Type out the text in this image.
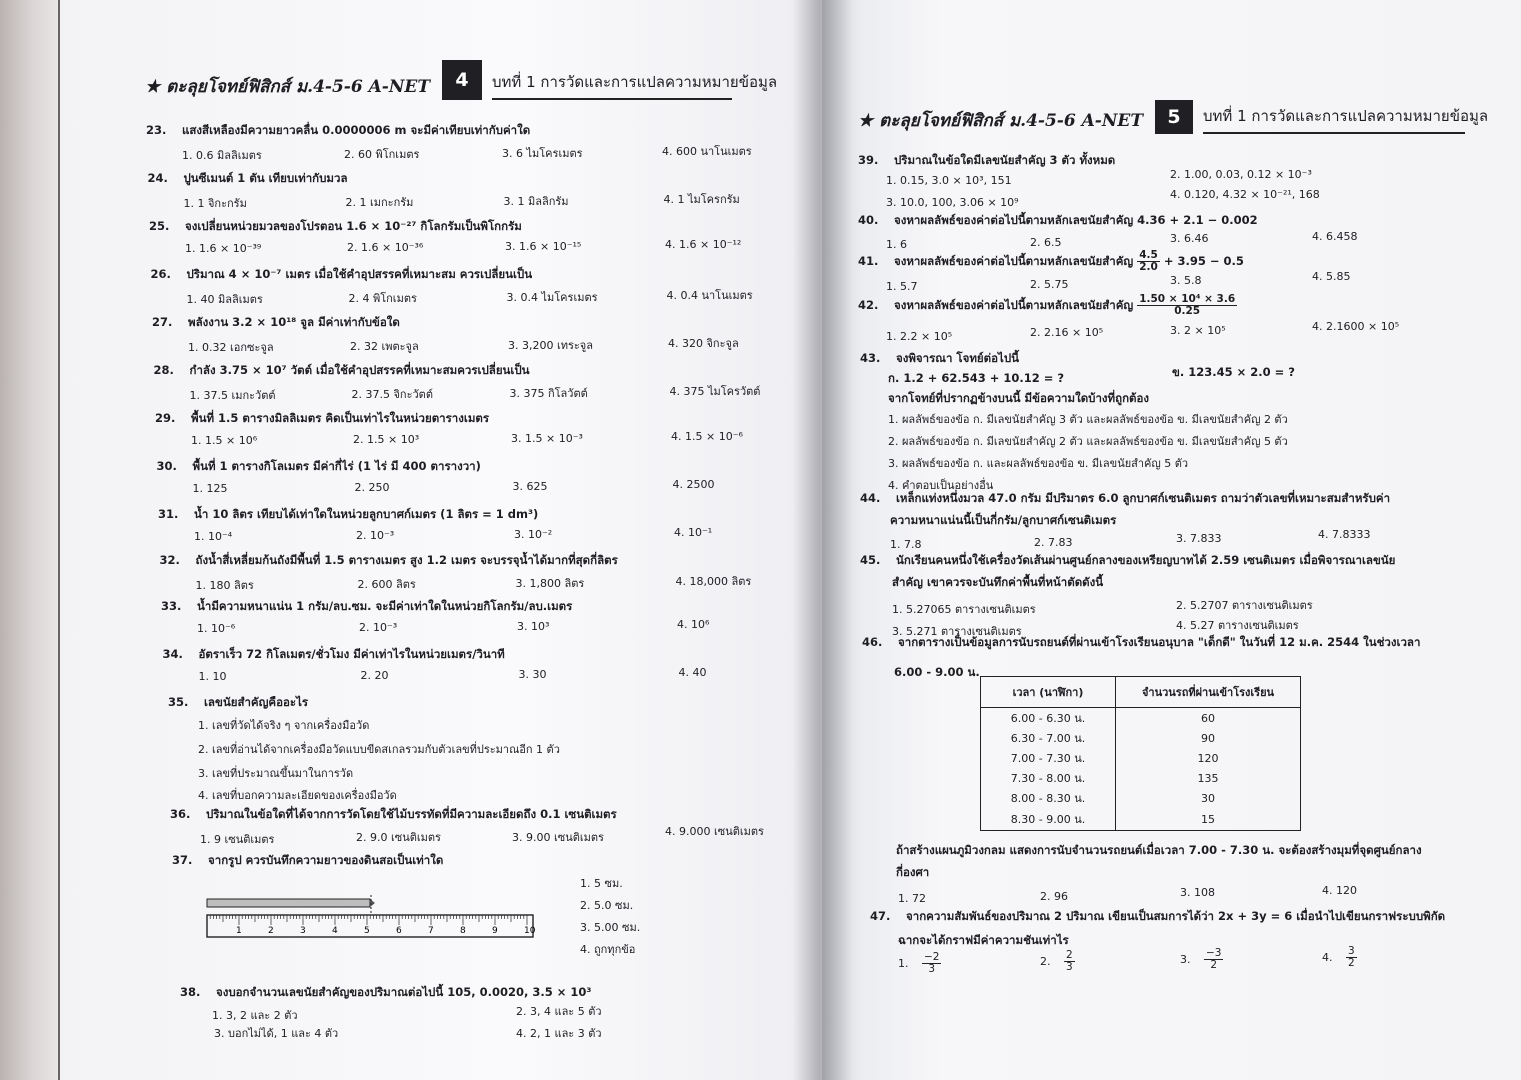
★ ตะลุยโจทย์ฟิสิกส์ ม.4-5-6 A-NET	4	บทที่ 1 การวัดและการแปลความหมายข้อมูล
23. แสงสีเหลืองมีความยาวคลื่น 0.0000006 m จะมีค่าเทียบเท่ากับค่าใด
1. 0.6 มิลลิเมตร	2. 60 พิโกเมตร	3. 6 ไมโครเมตร	4. 600 นาโนเมตร
24. ปูนซีเมนต์ 1 ตัน เทียบเท่ากับมวล
1. 1 จิกะกรัม	2. 1 เมกะกรัม	3. 1 มิลลิกรัม	4. 1 ไมโครกรัม
25. จงเปลี่ยนหน่วยมวลของโปรตอน 1.6 × 10⁻²⁷ กิโลกรัมเป็นพิโกกรัม
1. 1.6 × 10⁻³⁹	2. 1.6 × 10⁻³⁶	3. 1.6 × 10⁻¹⁵	4. 1.6 × 10⁻¹²
26. ปริมาณ 4 × 10⁻⁷ เมตร เมื่อใช้คำอุปสรรคที่เหมาะสม ควรเปลี่ยนเป็น
1. 40 มิลลิเมตร	2. 4 พิโกเมตร	3. 0.4 ไมโครเมตร	4. 0.4 นาโนเมตร
27. พลังงาน 3.2 × 10¹⁸ จูล มีค่าเท่ากับข้อใด
1. 0.32 เอกซะจูล	2. 32 เพตะจูล	3. 3,200 เทระจูล	4. 320 จิกะจูล
28. กำลัง 3.75 × 10⁷ วัตต์ เมื่อใช้คำอุปสรรคที่เหมาะสมควรเปลี่ยนเป็น
1. 37.5 เมกะวัตต์	2. 37.5 จิกะวัตต์	3. 375 กิโลวัตต์	4. 375 ไมโครวัตต์
29. พื้นที่ 1.5 ตารางมิลลิเมตร คิดเป็นเท่าไรในหน่วยตารางเมตร
1. 1.5 × 10⁶	2. 1.5 × 10³	3. 1.5 × 10⁻³	4. 1.5 × 10⁻⁶
30. พื้นที่ 1 ตารางกิโลเมตร มีค่ากี่ไร่ (1 ไร่ มี 400 ตารางวา)
1. 125	2. 250	3. 625	4. 2500
31. น้ำ 10 ลิตร เทียบได้เท่าใดในหน่วยลูกบาศก์เมตร (1 ลิตร = 1 dm³)
1. 10⁻⁴	2. 10⁻³	3. 10⁻²	4. 10⁻¹
32. ถังน้ำสี่เหลี่ยมก้นถังมีพื้นที่ 1.5 ตารางเมตร สูง 1.2 เมตร จะบรรจุน้ำได้มากที่สุดกี่ลิตร
1. 180 ลิตร	2. 600 ลิตร	3. 1,800 ลิตร	4. 18,000 ลิตร
33. น้ำมีความหนาแน่น 1 กรัม/ลบ.ซม. จะมีค่าเท่าใดในหน่วยกิโลกรัม/ลบ.เมตร
1. 10⁻⁶	2. 10⁻³	3. 10³	4. 10⁶
34. อัตราเร็ว 72 กิโลเมตร/ชั่วโมง มีค่าเท่าไรในหน่วยเมตร/วินาที
1. 10	2. 20	3. 30	4. 40
35. เลขนัยสำคัญคืออะไร
1. เลขที่วัดได้จริง ๆ จากเครื่องมือวัด
2. เลขที่อ่านได้จากเครื่องมือวัดแบบขีดสเกลรวมกับตัวเลขที่ประมาณอีก 1 ตัว
3. เลขที่ประมาณขึ้นมาในการวัด
4. เลขที่บอกความละเอียดของเครื่องมือวัด
36. ปริมาณในข้อใดที่ได้จากการวัดโดยใช้ไม้บรรทัดที่มีความละเอียดถึง 0.1 เซนติเมตร
1. 9 เซนติเมตร	2. 9.0 เซนติเมตร	3. 9.00 เซนติเมตร	4. 9.000 เซนติเมตร
37. จากรูป ควรบันทึกความยาวของดินสอเป็นเท่าใด
1	2	3	4	5	6	7	8	9	10
1. 5 ซม.
2. 5.0 ซม.
3. 5.00 ซม.
4. ถูกทุกข้อ
38. จงบอกจำนวนเลขนัยสำคัญของปริมาณต่อไปนี้ 105, 0.0020, 3.5 × 10³
1. 3, 2 และ 2 ตัว	2. 3, 4 และ 5 ตัว
3. บอกไม่ได้, 1 และ 4 ตัว	4. 2, 1 และ 3 ตัว
★ ตะลุยโจทย์ฟิสิกส์ ม.4-5-6 A-NET	5	บทที่ 1 การวัดและการแปลความหมายข้อมูล
39. ปริมาณในข้อใดมีเลขนัยสำคัญ 3 ตัว ทั้งหมด
1. 0.15, 3.0 × 10³, 151	2. 1.00, 0.03, 0.12 × 10⁻³
3. 10.0, 100, 3.06 × 10⁹
4. 0.120, 4.32 × 10⁻²¹, 168
40. จงหาผลลัพธ์ของค่าต่อไปนี้ตามหลักเลขนัยสำคัญ 4.36 + 2.1 − 0.002
1. 6	2. 6.5	3. 6.46	4. 6.458
41. จงหาผลลัพธ์ของค่าต่อไปนี้ตามหลักเลขนัยสำคัญ $\frac{4.5}{2.0} + 3.95 - 0.5$
1. 5.7	2. 5.75	3. 5.8	4. 5.85
42. จงหาผลลัพธ์ของค่าต่อไปนี้ตามหลักเลขนัยสำคัญ $\frac{\text{1.50 × 10⁴ × 3.6}}{0.25}$
1. 2.2 × 10⁵	2. 2.16 × 10⁵	3. 2 × 10⁵	4. 2.1600 × 10⁵
43. จงพิจารณา โจทย์ต่อไปนี้
ก. 1.2 + 62.543 + 10.12 = ?	ข. 123.45 × 2.0 = ?
จากโจทย์ที่ปรากฏข้างบนนี้ มีข้อความใดบ้างที่ถูกต้อง
1. ผลลัพธ์ของข้อ ก. มีเลขนัยสำคัญ 3 ตัว และผลลัพธ์ของข้อ ข. มีเลขนัยสำคัญ 2 ตัว
2. ผลลัพธ์ของข้อ ก. มีเลขนัยสำคัญ 2 ตัว และผลลัพธ์ของข้อ ข. มีเลขนัยสำคัญ 5 ตัว
3. ผลลัพธ์ของข้อ ก. และผลลัพธ์ของข้อ ข. มีเลขนัยสำคัญ 5 ตัว
4. คำตอบเป็นอย่างอื่น
44. เหล็กแท่งหนึ่งมวล 47.0 กรัม มีปริมาตร 6.0 ลูกบาศก์เซนติเมตร ถามว่าตัวเลขที่เหมาะสมสำหรับค่า
ความหนาแน่นนี้เป็นกี่กรัม/ลูกบาศก์เซนติเมตร
1. 7.8	2. 7.83	3. 7.833	4. 7.8333
45. นักเรียนคนหนึ่งใช้เครื่องวัดเส้นผ่านศูนย์กลางของเหรียญบาทได้ 2.59 เซนติเมตร เมื่อพิจารณาเลขนัย
สำคัญ เขาควรจะบันทึกค่าพื้นที่หน้าตัดดังนี้
1. 5.27065 ตารางเซนติเมตร	2. 5.2707 ตารางเซนติเมตร
3. 5.271 ตารางเซนติเมตร	4. 5.27 ตารางเซนติเมตร
46. จากตารางเป็นข้อมูลการนับรถยนต์ที่ผ่านเข้าโรงเรียนอนุบาล "เด็กดี" ในวันที่ 12 ม.ค. 2544 ในช่วงเวลา
6.00 - 9.00 น.
เวลา (นาฬิกา)	จำนวนรถที่ผ่านเข้าโรงเรียน
6.00 - 6.30 น.	60
6.30 - 7.00 น.	90
7.00 - 7.30 น.	120
7.30 - 8.00 น.	135
8.00 - 8.30 น.	30
8.30 - 9.00 น.	15
ถ้าสร้างแผนภูมิวงกลม แสดงการนับจำนวนรถยนต์เมื่อเวลา 7.00 - 7.30 น. จะต้องสร้างมุมที่จุดศูนย์กลาง
กี่องศา
1. 72	2. 96	3. 108	4. 120
47. จากความสัมพันธ์ของปริมาณ 2 ปริมาณ เขียนเป็นสมการได้ว่า 2x + 3y = 6 เมื่อนำไปเขียนกราฟระบบพิกัด
ฉากจะได้กราฟมีค่าความชันเท่าไร
1. $\frac{-2}{3}$	2. $\frac{2}{3}$	3. $\frac{-3}{2}$	4. $\frac{3}{2}$
